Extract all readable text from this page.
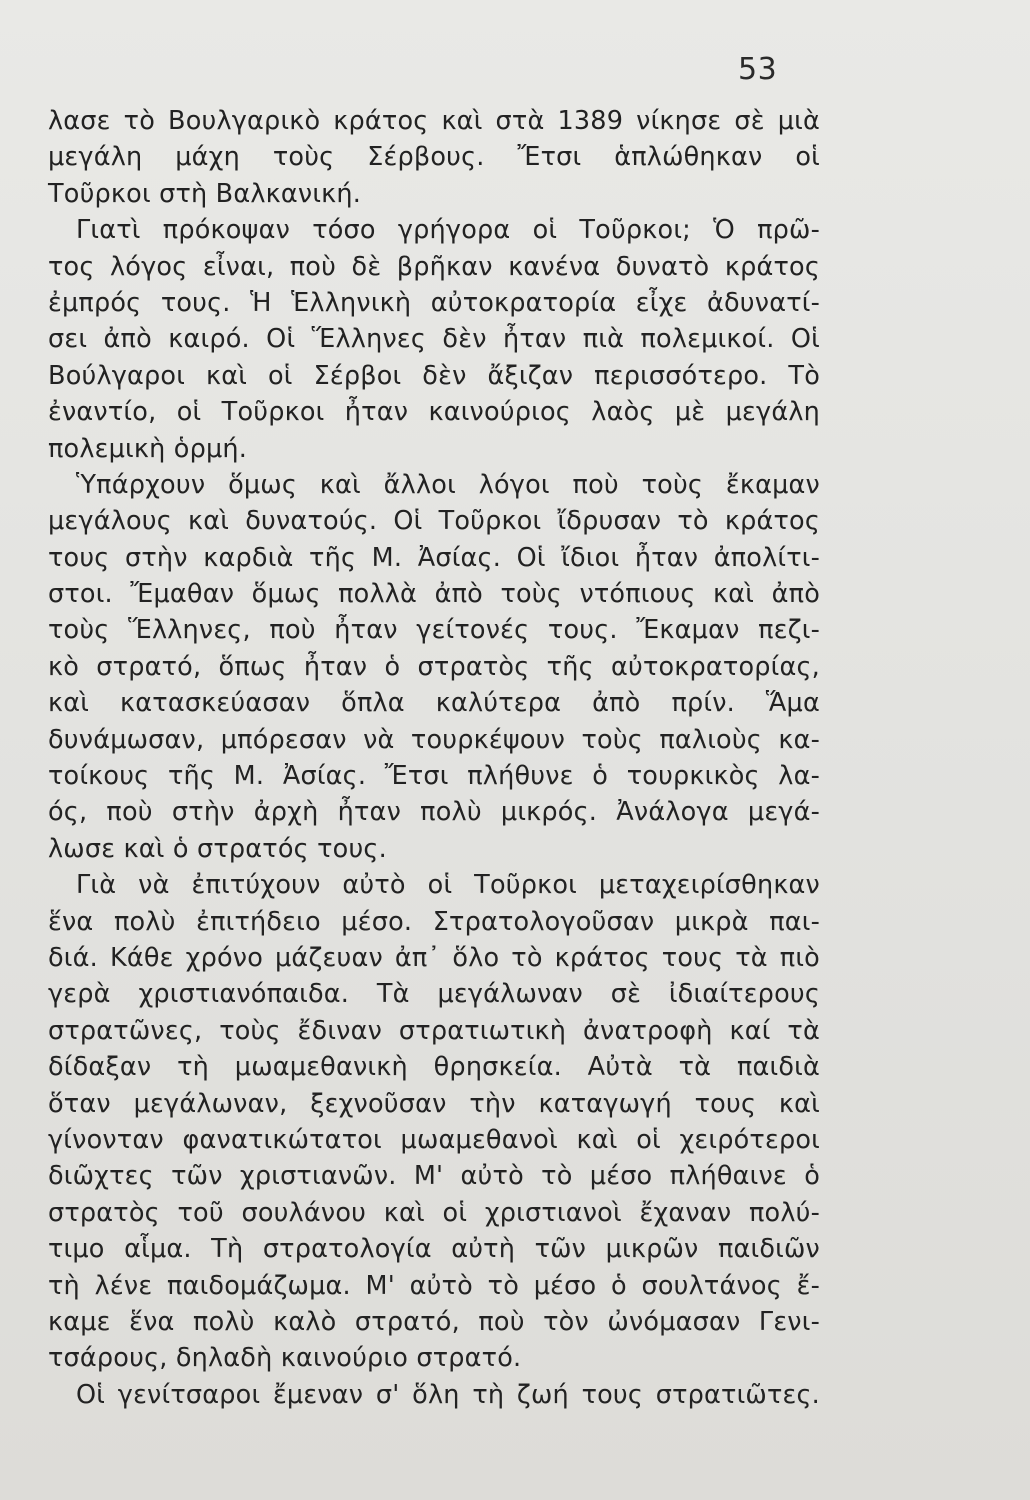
53
λασε τὸ Βουλγαρικὸ κράτος καὶ στὰ 1389 νίκησε σὲ μιὰ
μεγάλη μάχη τοὺς Σέρβους. Ἔτσι ἁπλώθηκαν οἱ
Τοῦρκοι στὴ Βαλκανική.
Γιατὶ πρόκοψαν τόσο γρήγορα οἱ Τοῦρκοι; Ὁ πρῶ-
τος λόγος εἶναι, ποὺ δὲ βρῆκαν κανένα δυνατὸ κράτος
ἐμπρός τους. Ἡ Ἑλληνικὴ αὐτοκρατορία εἶχε ἀδυνατί-
σει ἀπὸ καιρό. Οἱ Ἕλληνες δὲν ἦταν πιὰ πολεμικοί. Οἱ
Βούλγαροι καὶ οἱ Σέρβοι δὲν ἄξιζαν περισσότερο. Τὸ
ἐναντίο, οἱ Τοῦρκοι ἦταν καινούριος λαὸς μὲ μεγάλη
πολεμικὴ ὁρμή.
Ὑπάρχουν ὅμως καὶ ἄλλοι λόγοι ποὺ τοὺς ἔκαμαν
μεγάλους καὶ δυνατούς. Οἱ Τοῦρκοι ἴδρυσαν τὸ κράτος
τους στὴν καρδιὰ τῆς Μ. Ἀσίας. Οἱ ἴδιοι ἦταν ἀπολίτι-
στοι. Ἔμαθαν ὅμως πολλὰ ἀπὸ τοὺς ντόπιους καὶ ἀπὸ
τοὺς Ἕλληνες, ποὺ ἦταν γείτονές τους. Ἔκαμαν πεζι-
κὸ στρατό, ὅπως ἦταν ὁ στρατὸς τῆς αὐτοκρατορίας,
καὶ κατασκεύασαν ὅπλα καλύτερα ἀπὸ πρίν. Ἅμα
δυνάμωσαν, μπόρεσαν νὰ τουρκέψουν τοὺς παλιοὺς κα-
τοίκους τῆς Μ. Ἀσίας. Ἔτσι πλήθυνε ὁ τουρκικὸς λα-
ός, ποὺ στὴν ἀρχὴ ἦταν πολὺ μικρός. Ἀνάλογα μεγά-
λωσε καὶ ὁ στρατός τους.
Γιὰ νὰ ἐπιτύχουν αὐτὸ οἱ Τοῦρκοι μεταχειρίσθηκαν
ἕνα πολὺ ἐπιτήδειο μέσο. Στρατολογοῦσαν μικρὰ παι-
διά. Κάθε χρόνο μάζευαν ἀπ᾿ ὅλο τὸ κράτος τους τὰ πιὸ
γερὰ χριστιανόπαιδα. Τὰ μεγάλωναν σὲ ἰδιαίτερους
στρατῶνες, τοὺς ἔδιναν στρατιωτικὴ ἀνατροφὴ καί τὰ
δίδαξαν τὴ μωαμεθανικὴ θρησκεία. Αὐτὰ τὰ παιδιὰ
ὅταν μεγάλωναν, ξεχνοῦσαν τὴν καταγωγή τους καὶ
γίνονταν φανατικώτατοι μωαμεθανοὶ καὶ οἱ χειρότεροι
διῶχτες τῶν χριστιανῶν. Μ' αὐτὸ τὸ μέσο πλήθαινε ὁ
στρατὸς τοῦ σουλάνου καὶ οἱ χριστιανοὶ ἔχαναν πολύ-
τιμο αἷμα. Τὴ στρατολογία αὐτὴ τῶν μικρῶν παιδιῶν
τὴ λένε παιδομάζωμα. Μ' αὐτὸ τὸ μέσο ὁ σουλτάνος ἔ-
καμε ἕνα πολὺ καλὸ στρατό, ποὺ τὸν ὠνόμασαν Γενι-
τσάρους, δηλαδὴ καινούριο στρατό.
Οἱ γενίτσαροι ἔμεναν σ' ὅλη τὴ ζωή τους στρατιῶτες.
